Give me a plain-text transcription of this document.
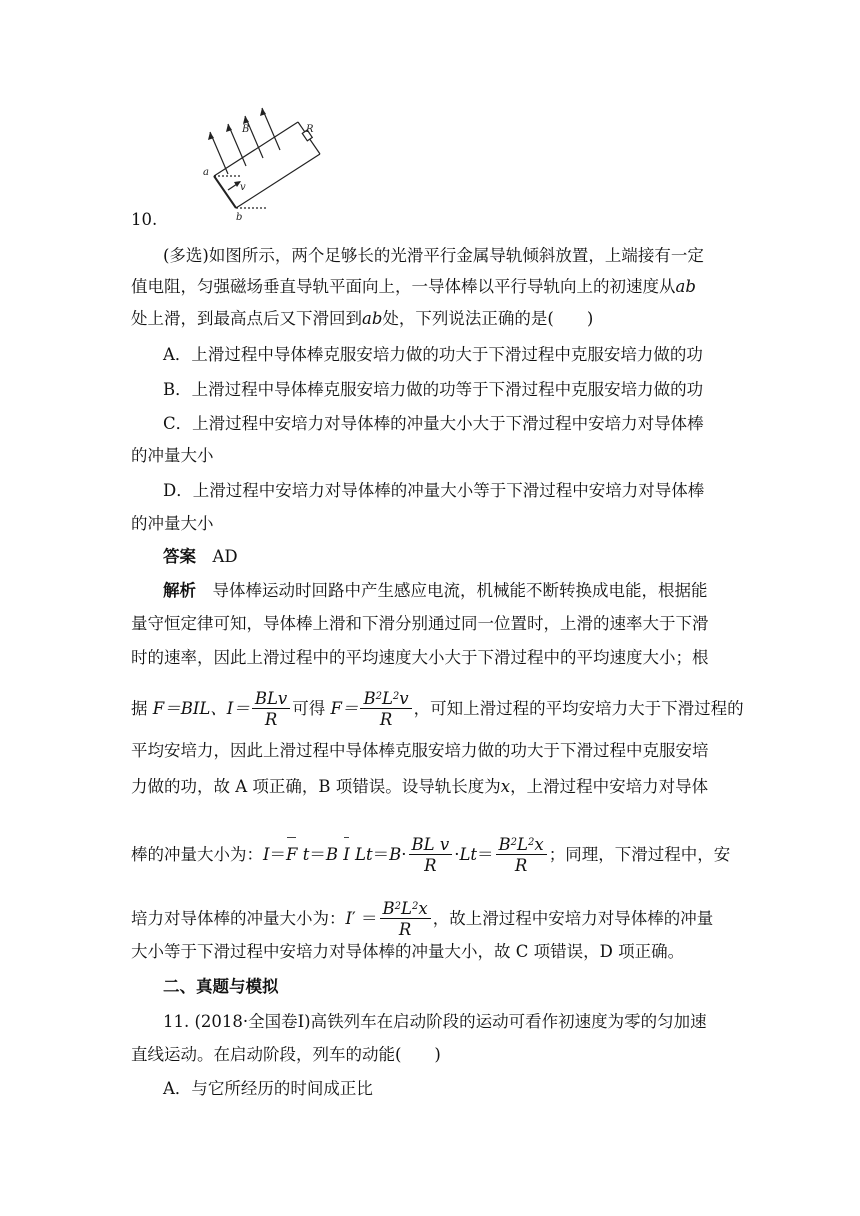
B	R
a
v
b
10.
(多选)如图所示，两个足够长的光滑平行金属导轨倾斜放置，上端接有一定
值电阻，匀强磁场垂直导轨平面向上，一导体棒以平行导轨向上的初速度从ab
处上滑，到最高点后又下滑回到ab处，下列说法正确的是(　　)
A．上滑过程中导体棒克服安培力做的功大于下滑过程中克服安培力做的功
B．上滑过程中导体棒克服安培力做的功等于下滑过程中克服安培力做的功
C．上滑过程中安培力对导体棒的冲量大小大于下滑过程中安培力对导体棒
的冲量大小
D．上滑过程中安培力对导体棒的冲量大小等于下滑过程中安培力对导体棒
的冲量大小
答案　 AD
解析　 导体棒运动时回路中产生感应电流，机械能不断转换成电能，根据能
量守恒定律可知，导体棒上滑和下滑分别通过同一位置时，上滑的速率大于下滑
时的速率，因此上滑过程中的平均速度大小大于下滑过程中的平均速度大小；根
据 F＝BIL、$I= \frac{\text{BLv}}{R}$ 可得 $F= \frac{B^2L^2v}{R}$ ，可知上滑过程的平均安培力大于下滑过程的
平均安培力，因此上滑过程中导体棒克服安培力做的功大于下滑过程中克服安培
力做的功，故 A 项正确，B 项错误。设导轨长度为x，上滑过程中安培力对导体
棒的冲量大小为：I＝F t＝B I $Lt=B\cdot \frac{\text{BL v}}{R} \cdot Lt= \frac{B^2L^2x}{R}$ ；同理，下滑过程中，安
培力对导体棒的冲量大小为：$I' = \frac{B^2L^2x}{R}$ ，故上滑过程中安培力对导体棒的冲量
大小等于下滑过程中安培力对导体棒的冲量大小，故 C 项错误，D 项正确。
二、真题与模拟
11. (2018·全国卷Ⅰ)高铁列车在启动阶段的运动可看作初速度为零的匀加速
直线运动。在启动阶段，列车的动能(　　)
A．与它所经历的时间成正比
